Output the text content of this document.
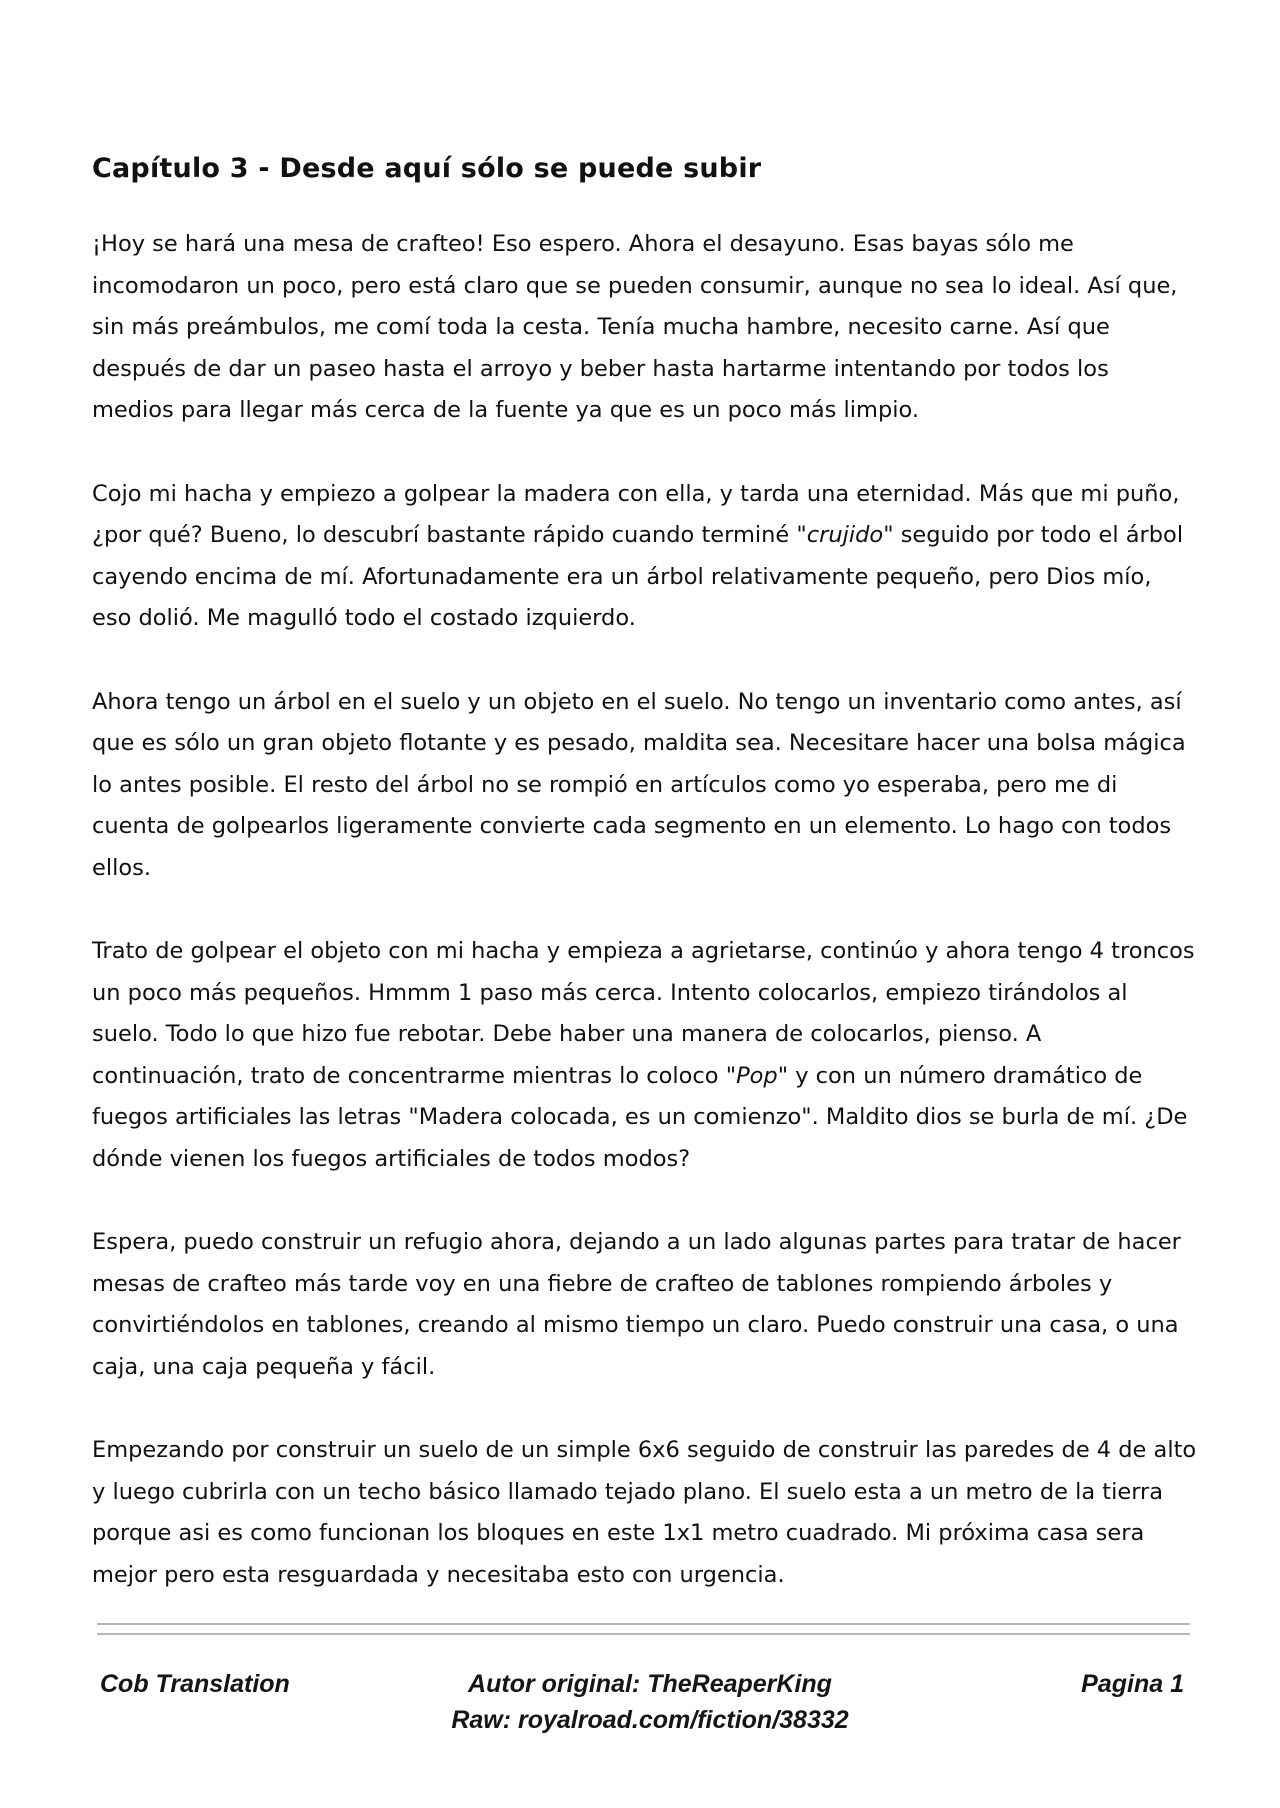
Capítulo 3 - Desde aquí sólo se puede subir

¡Hoy se hará una mesa de crafteo! Eso espero. Ahora el desayuno. Esas bayas sólo me incomodaron un poco, pero está claro que se pueden consumir, aunque no sea lo ideal. Así que, sin más preámbulos, me comí toda la cesta. Tenía mucha hambre, necesito carne. Así que después de dar un paseo hasta el arroyo y beber hasta hartarme intentando por todos los medios para llegar más cerca de la fuente ya que es un poco más limpio.

Cojo mi hacha y empiezo a golpear la madera con ella, y tarda una eternidad. Más que mi puño, ¿por qué? Bueno, lo descubrí bastante rápido cuando terminé "crujido" seguido por todo el árbol cayendo encima de mí. Afortunadamente era un árbol relativamente pequeño, pero Dios mío, eso dolió. Me magulló todo el costado izquierdo.

Ahora tengo un árbol en el suelo y un objeto en el suelo. No tengo un inventario como antes, así que es sólo un gran objeto flotante y es pesado, maldita sea. Necesitare hacer una bolsa mágica lo antes posible. El resto del árbol no se rompió en artículos como yo esperaba, pero me di cuenta de golpearlos ligeramente convierte cada segmento en un elemento. Lo hago con todos ellos.

Trato de golpear el objeto con mi hacha y empieza a agrietarse, continúo y ahora tengo 4 troncos un poco más pequeños. Hmmm 1 paso más cerca. Intento colocarlos, empiezo tirándolos al suelo. Todo lo que hizo fue rebotar. Debe haber una manera de colocarlos, pienso. A continuación, trato de concentrarme mientras lo coloco "Pop" y con un número dramático de fuegos artificiales las letras "Madera colocada, es un comienzo". Maldito dios se burla de mí. ¿De dónde vienen los fuegos artificiales de todos modos?

Espera, puedo construir un refugio ahora, dejando a un lado algunas partes para tratar de hacer mesas de crafteo más tarde voy en una fiebre de crafteo de tablones rompiendo árboles y convirtiéndolos en tablones, creando al mismo tiempo un claro. Puedo construir una casa, o una caja, una caja pequeña y fácil.

Empezando por construir un suelo de un simple 6x6 seguido de construir las paredes de 4 de alto y luego cubrirla con un techo básico llamado tejado plano. El suelo esta a un metro de la tierra porque asi es como funcionan los bloques en este 1x1 metro cuadrado. Mi próxima casa sera mejor pero esta resguardada y necesitaba esto con urgencia.

Cob Translation	Autor original: TheReaperKing
Raw: royalroad.com/fiction/38332
Pagina 1
